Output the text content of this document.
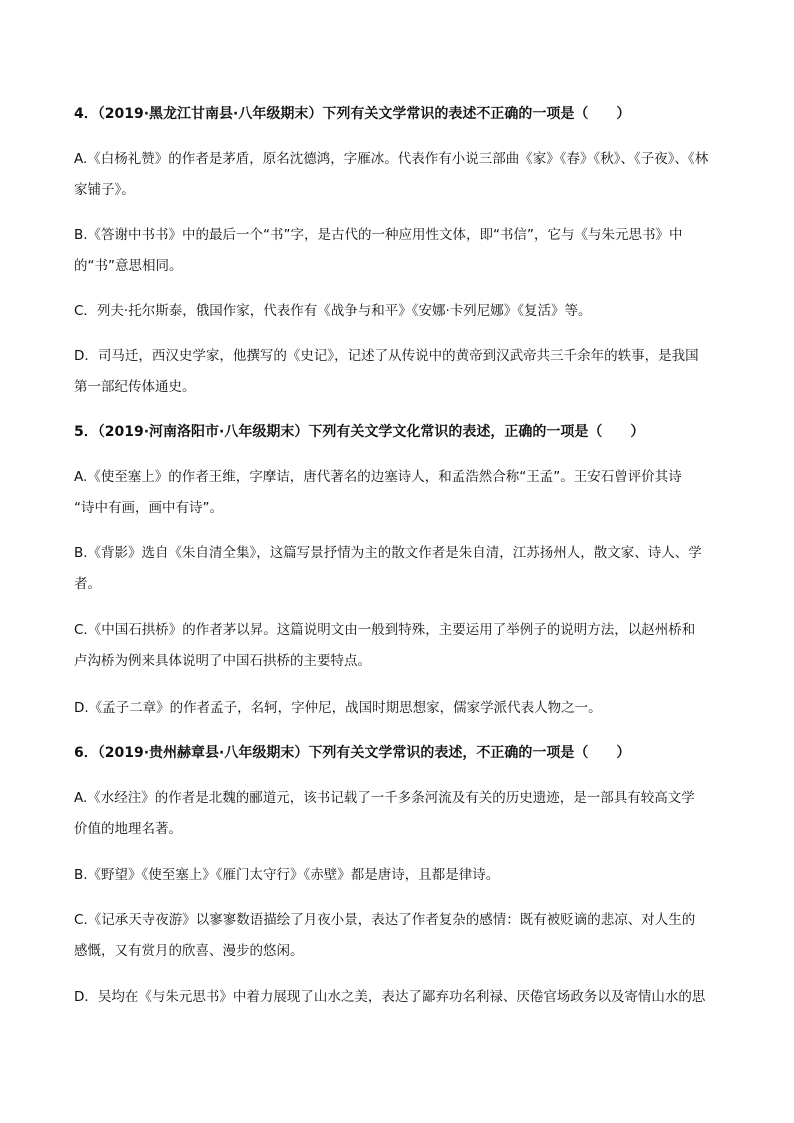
4．（2019·黑龙江甘南县·八年级期末）下列有关文学常识的表述不正确的一项是（　　）
A.《白杨礼赞》的作者是茅盾，原名沈德鸿，字雁冰。代表作有小说三部曲《家》《春》《秋》、《子夜》、《林
家铺子》。
B.《答谢中书书》中的最后一个“书”字，是古代的一种应用性文体，即“书信”，它与《与朱元思书》中
的“书”意思相同。
C．列夫·托尔斯泰，俄国作家，代表作有《战争与和平》《安娜·卡列尼娜》《复活》等。
D．司马迁，西汉史学家，他撰写的《史记》，记述了从传说中的黄帝到汉武帝共三千余年的轶事，是我国
第一部纪传体通史。
5．（2019·河南洛阳市·八年级期末）下列有关文学文化常识的表述，正确的一项是（　　）
A.《使至塞上》的作者王维，字摩诘，唐代著名的边塞诗人，和孟浩然合称“王孟”。王安石曾评价其诗
“诗中有画，画中有诗”。
B.《背影》选自《朱自清全集》，这篇写景抒情为主的散文作者是朱自清，江苏扬州人，散文家、诗人、学
者。
C.《中国石拱桥》的作者茅以昇。这篇说明文由一般到特殊，主要运用了举例子的说明方法，以赵州桥和
卢沟桥为例来具体说明了中国石拱桥的主要特点。
D.《孟子二章》的作者孟子，名轲，字仲尼，战国时期思想家，儒家学派代表人物之一。
6．（2019·贵州赫章县·八年级期末）下列有关文学常识的表述，不正确的一项是（　　）
A.《水经注》的作者是北魏的郦道元，该书记载了一千多条河流及有关的历史遗迹，是一部具有较高文学
价值的地理名著。
B.《野望》《使至塞上》《雁门太守行》《赤壁》都是唐诗，且都是律诗。
C.《记承天寺夜游》以寥寥数语描绘了月夜小景，表达了作者复杂的感情：既有被贬谪的悲凉、对人生的
感慨，又有赏月的欣喜、漫步的悠闲。
D．吴均在《与朱元思书》中着力展现了山水之美，表达了鄙弃功名利禄、厌倦官场政务以及寄情山水的思
